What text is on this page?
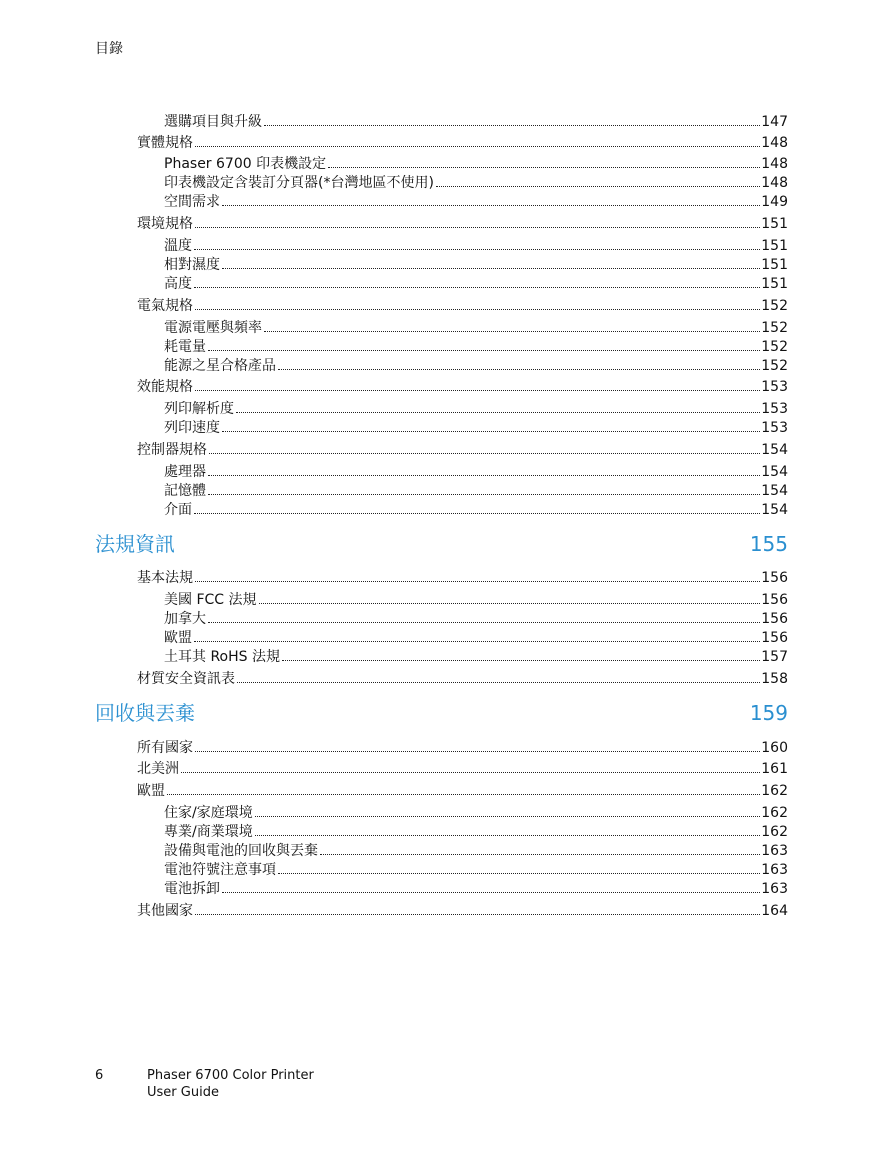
目錄
選購項目與升級	147
實體規格	148
Phaser 6700 印表機設定	148
印表機設定含裝訂分頁器(*台灣地區不使用)	148
空間需求	149
環境規格	151
溫度	151
相對濕度	151
高度	151
電氣規格	152
電源電壓與頻率	152
耗電量	152
能源之星合格產品	152
效能規格	153
列印解析度	153
列印速度	153
控制器規格	154
處理器	154
記憶體	154
介面	154
法規資訊	155
基本法規	156
美國 FCC 法規	156
加拿大	156
歐盟	156
土耳其 RoHS 法規	157
材質安全資訊表	158
回收與丟棄	159
所有國家	160
北美洲	161
歐盟	162
住家/家庭環境	162
專業/商業環境	162
設備與電池的回收與丟棄	163
電池符號注意事項	163
電池拆卸	163
其他國家	164
6	Phaser 6700 Color Printer
User Guide
